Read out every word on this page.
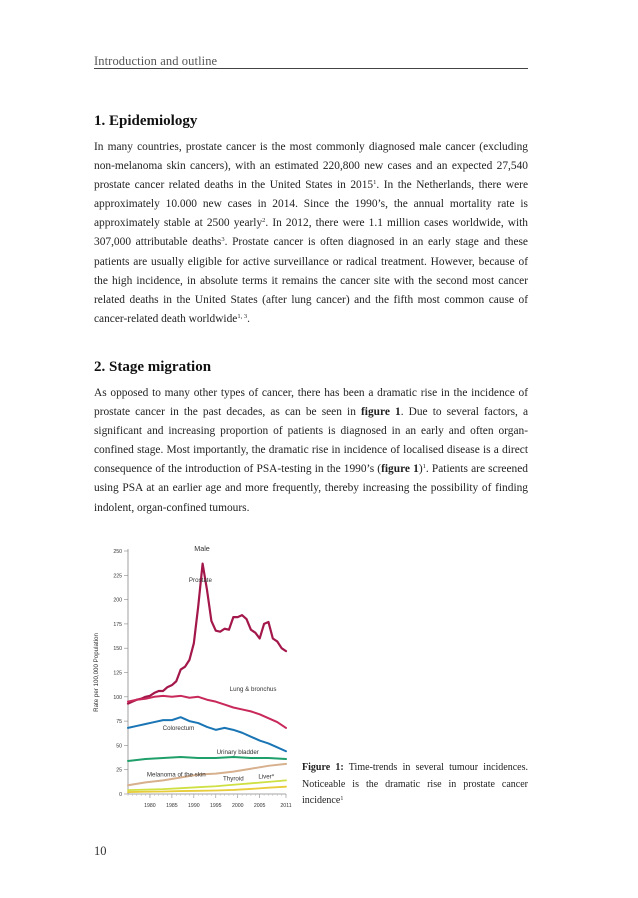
Introduction and outline
1. Epidemiology

In many countries, prostate cancer is the most commonly diagnosed male cancer (excluding non-melanoma skin cancers), with an estimated 220,800 new cases and an expected 27,540 prostate cancer related deaths in the United States in 2015$^1$. In the Netherlands, there were approximately 10.000 new cases in 2014. Since the 1990’s, the annual mortality rate is approximately stable at 2500 yearly$^2$. In 2012, there were 1.1 million cases worldwide, with 307,000 attributable deaths$^3$. Prostate cancer is often diagnosed in an early stage and these patients are usually eligible for active surveillance or radical treatment. However, because of the high incidence, in absolute terms it remains the cancer site with the second most cancer related deaths in the United States (after lung cancer) and the fifth most common cause of cancer-related death worldwide$^{1, 3}$.

2. Stage migration

As opposed to many other types of cancer, there has been a dramatic rise in the incidence of prostate cancer in the past decades, as can be seen in figure 1. Due to several factors, a significant and increasing proportion of patients is diagnosed in an early and often organ-confined stage. Most importantly, the dramatic rise in incidence of localised disease is a direct consequence of the introduction of PSA-testing in the 1990’s (figure 1)$^1$. Patients are screened using PSA at an earlier age and more frequently, thereby increasing the possibility of finding indolent, organ-confined tumours.

0
25
50
75
100
125
150
175
200
225
250
1980 1985 1990 1995 2000 2005	2011
Rate per 100,000 Population
Male
Prostate
Lung & bronchus
Colorectum
Urinary bladder
Melanoma of the skin
Thyroid Liver*

Figure 1: Time-trends in several tumour incidences. Noticeable is the dramatic rise in prostate cancer incidence$^1$

10
